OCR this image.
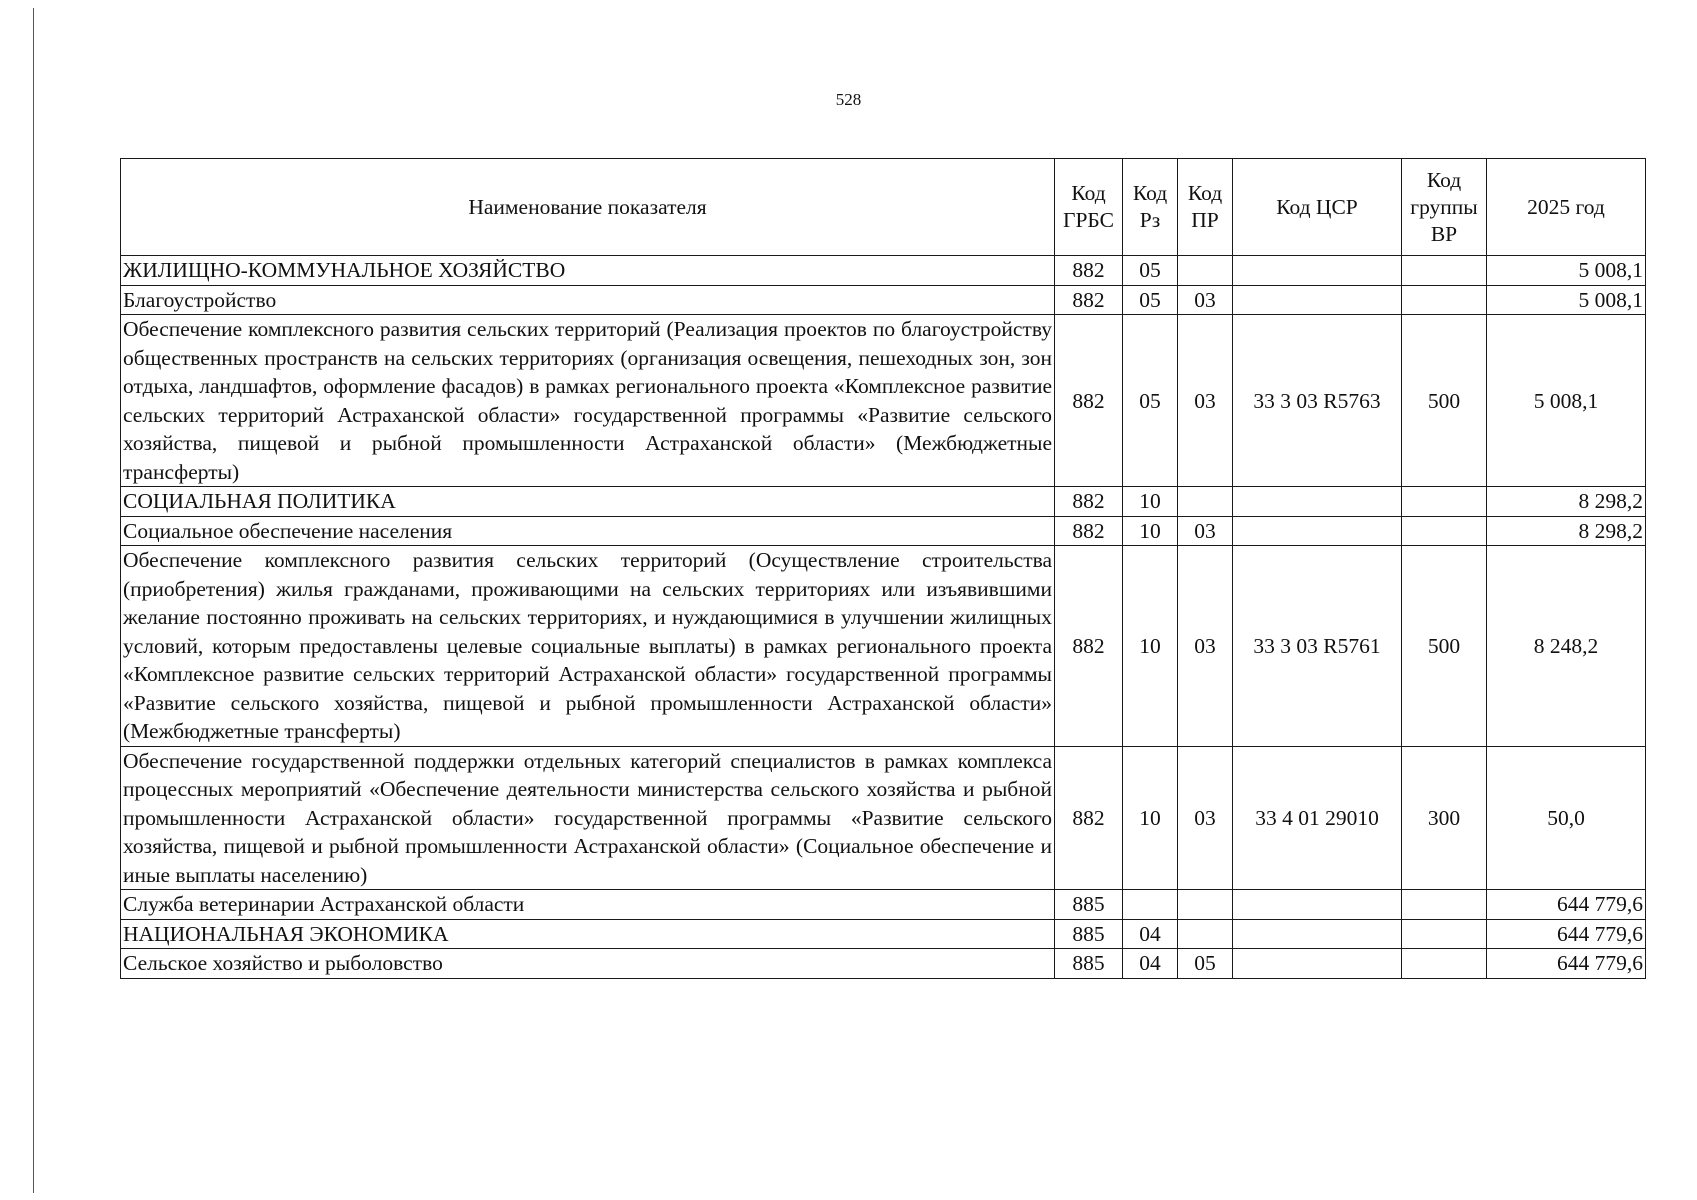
528
Наименование показателя	Код ГРБС	Код Рз	Код ПР	Код ЦСР	Код группы ВР	2025 год
ЖИЛИЩНО-КОММУНАЛЬНОЕ ХОЗЯЙСТВО	882	05				5 008,1
Благоустройство	882	05	03			5 008,1
Обеспечение комплексного развития сельских территорий (Реализация проектов по благоустройству общественных пространств на сельских территориях (организация освещения, пешеходных зон, зон отдыха, ландшафтов, оформление фасадов) в рамках регионального проекта «Комплексное развитие сельских территорий Астраханской области» государственной программы «Развитие сельского хозяйства, пищевой и рыбной промышленности Астраханской области» (Межбюджетные трансферты)	882	05	03	33 3 03 R5763	500	5 008,1
СОЦИАЛЬНАЯ ПОЛИТИКА	882	10				8 298,2
Социальное обеспечение населения	882	10	03			8 298,2
Обеспечение комплексного развития сельских территорий (Осуществление строительства (приобретения) жилья гражданами, проживающими на сельских территориях или изъявившими желание постоянно проживать на сельских территориях, и нуждающимися в улучшении жилищных условий, которым предоставлены целевые социальные выплаты) в рамках регионального проекта «Комплексное развитие сельских территорий Астраханской области» государственной программы «Развитие сельского хозяйства, пищевой и рыбной промышленности Астраханской области» (Межбюджетные трансферты)	882	10	03	33 3 03 R5761	500	8 248,2
Обеспечение государственной поддержки отдельных категорий специалистов в рамках комплекса процессных мероприятий «Обеспечение деятельности министерства сельского хозяйства и рыбной промышленности Астраханской области» государственной программы «Развитие сельского хозяйства, пищевой и рыбной промышленности Астраханской области» (Социальное обеспечение и иные выплаты населению)	882	10	03	33 4 01 29010	300	50,0
Служба ветеринарии Астраханской области	885					644 779,6
НАЦИОНАЛЬНАЯ ЭКОНОМИКА	885	04				644 779,6
Сельское хозяйство и рыболовство	885	04	05			644 779,6
